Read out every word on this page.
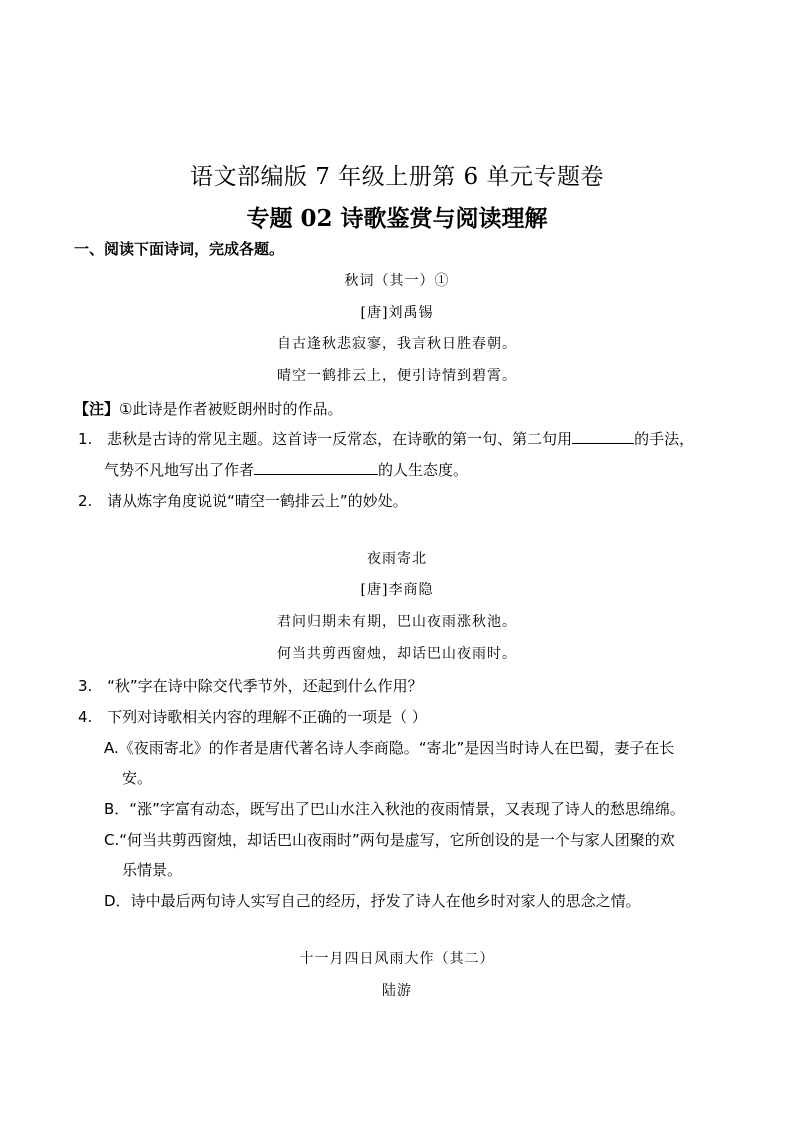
语文部编版 7 年级上册第 6 单元专题卷
专题 02 诗歌鉴赏与阅读理解
一、阅读下面诗词，完成各题。
秋词（其一）①
[唐]刘禹锡
自古逢秋悲寂寥，我言秋日胜春朝。
晴空一鹤排云上，便引诗情到碧霄。
【注】①此诗是作者被贬朗州时的作品。
1. 悲秋是古诗的常见主题。这首诗一反常态，在诗歌的第一句、第二句用	的手法，
气势不凡地写出了作者	的人生态度。
2. 请从炼字角度说说“晴空一鹤排云上”的妙处。
夜雨寄北
[唐]李商隐
君问归期未有期，巴山夜雨涨秋池。
何当共剪西窗烛，却话巴山夜雨时。
3. “秋”字在诗中除交代季节外，还起到什么作用？
4. 下列对诗歌相关内容的理解不正确的一项是（ ）
A.《夜雨寄北》的作者是唐代著名诗人李商隐。“寄北”是因当时诗人在巴蜀，妻子在长
安。
B．“涨”字富有动态，既写出了巴山水注入秋池的夜雨情景，又表现了诗人的愁思绵绵。
C.“何当共剪西窗烛，却话巴山夜雨时”两句是虚写，它所创设的是一个与家人团聚的欢
乐情景。
D．诗中最后两句诗人实写自己的经历，抒发了诗人在他乡时对家人的思念之情。
十一月四日风雨大作（其二）
陆游
